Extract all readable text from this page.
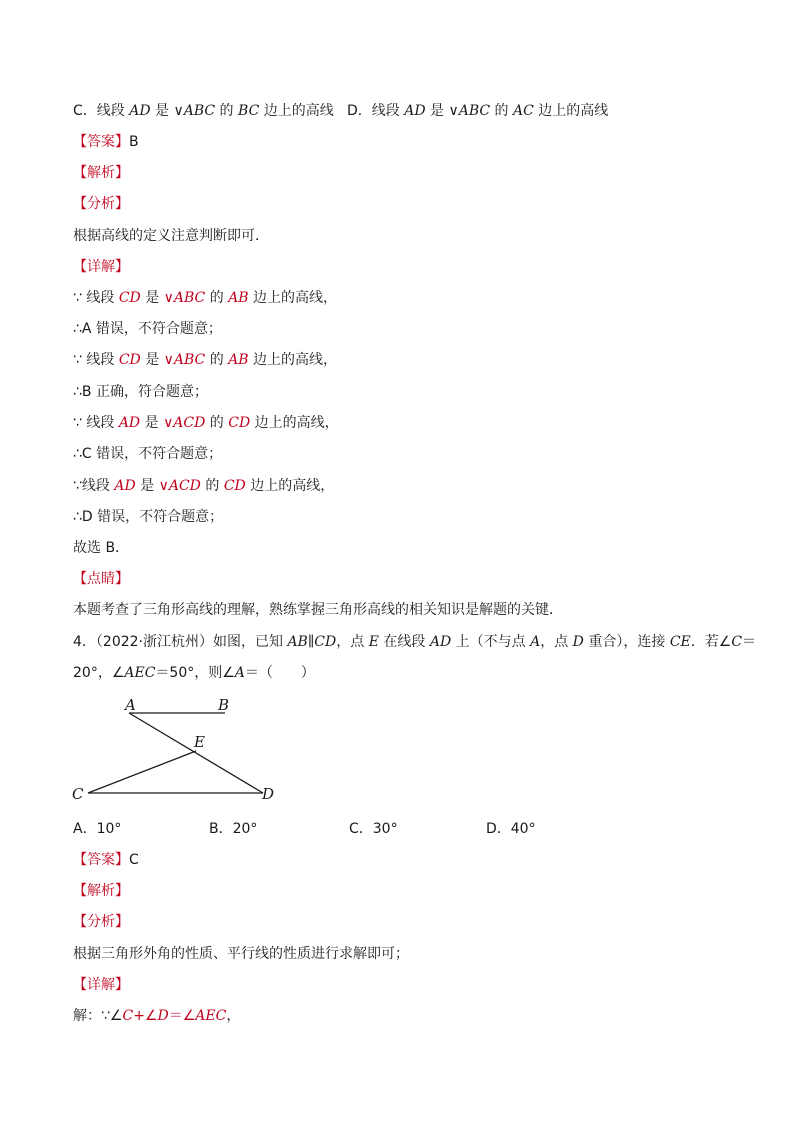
C．线段 AD 是 ∨ABC 的 BC 边上的高线 D．线段 AD 是 ∨ABC 的 AC 边上的高线
【答案】B
【解析】
【分析】
根据高线的定义注意判断即可．
【详解】
∵ 线段 CD 是 ∨ABC 的 AB 边上的高线，
∴A 错误，不符合题意；
∵ 线段 CD 是 ∨ABC 的 AB 边上的高线，
∴B 正确，符合题意；
∵ 线段 AD 是 ∨ACD 的 CD 边上的高线，
∴C 错误，不符合题意；
∵线段 AD 是 ∨ACD 的 CD 边上的高线，
∴D 错误，不符合题意；
故选 B．
【点睛】
本题考查了三角形高线的理解，熟练掌握三角形高线的相关知识是解题的关键．
4．（2022·浙江杭州）如图，已知 AB∥CD，点 E 在线段 AD 上（不与点 A，点 D 重合），连接 CE．若∠C＝
20°，∠AEC＝50°，则∠A＝（　　）
A	B
E
C	D
A．10°	B．20°	C．30°	D．40°
【答案】C
【解析】
【分析】
根据三角形外角的性质、平行线的性质进行求解即可；
【详解】
解：∵∠C+∠D＝∠AEC，
